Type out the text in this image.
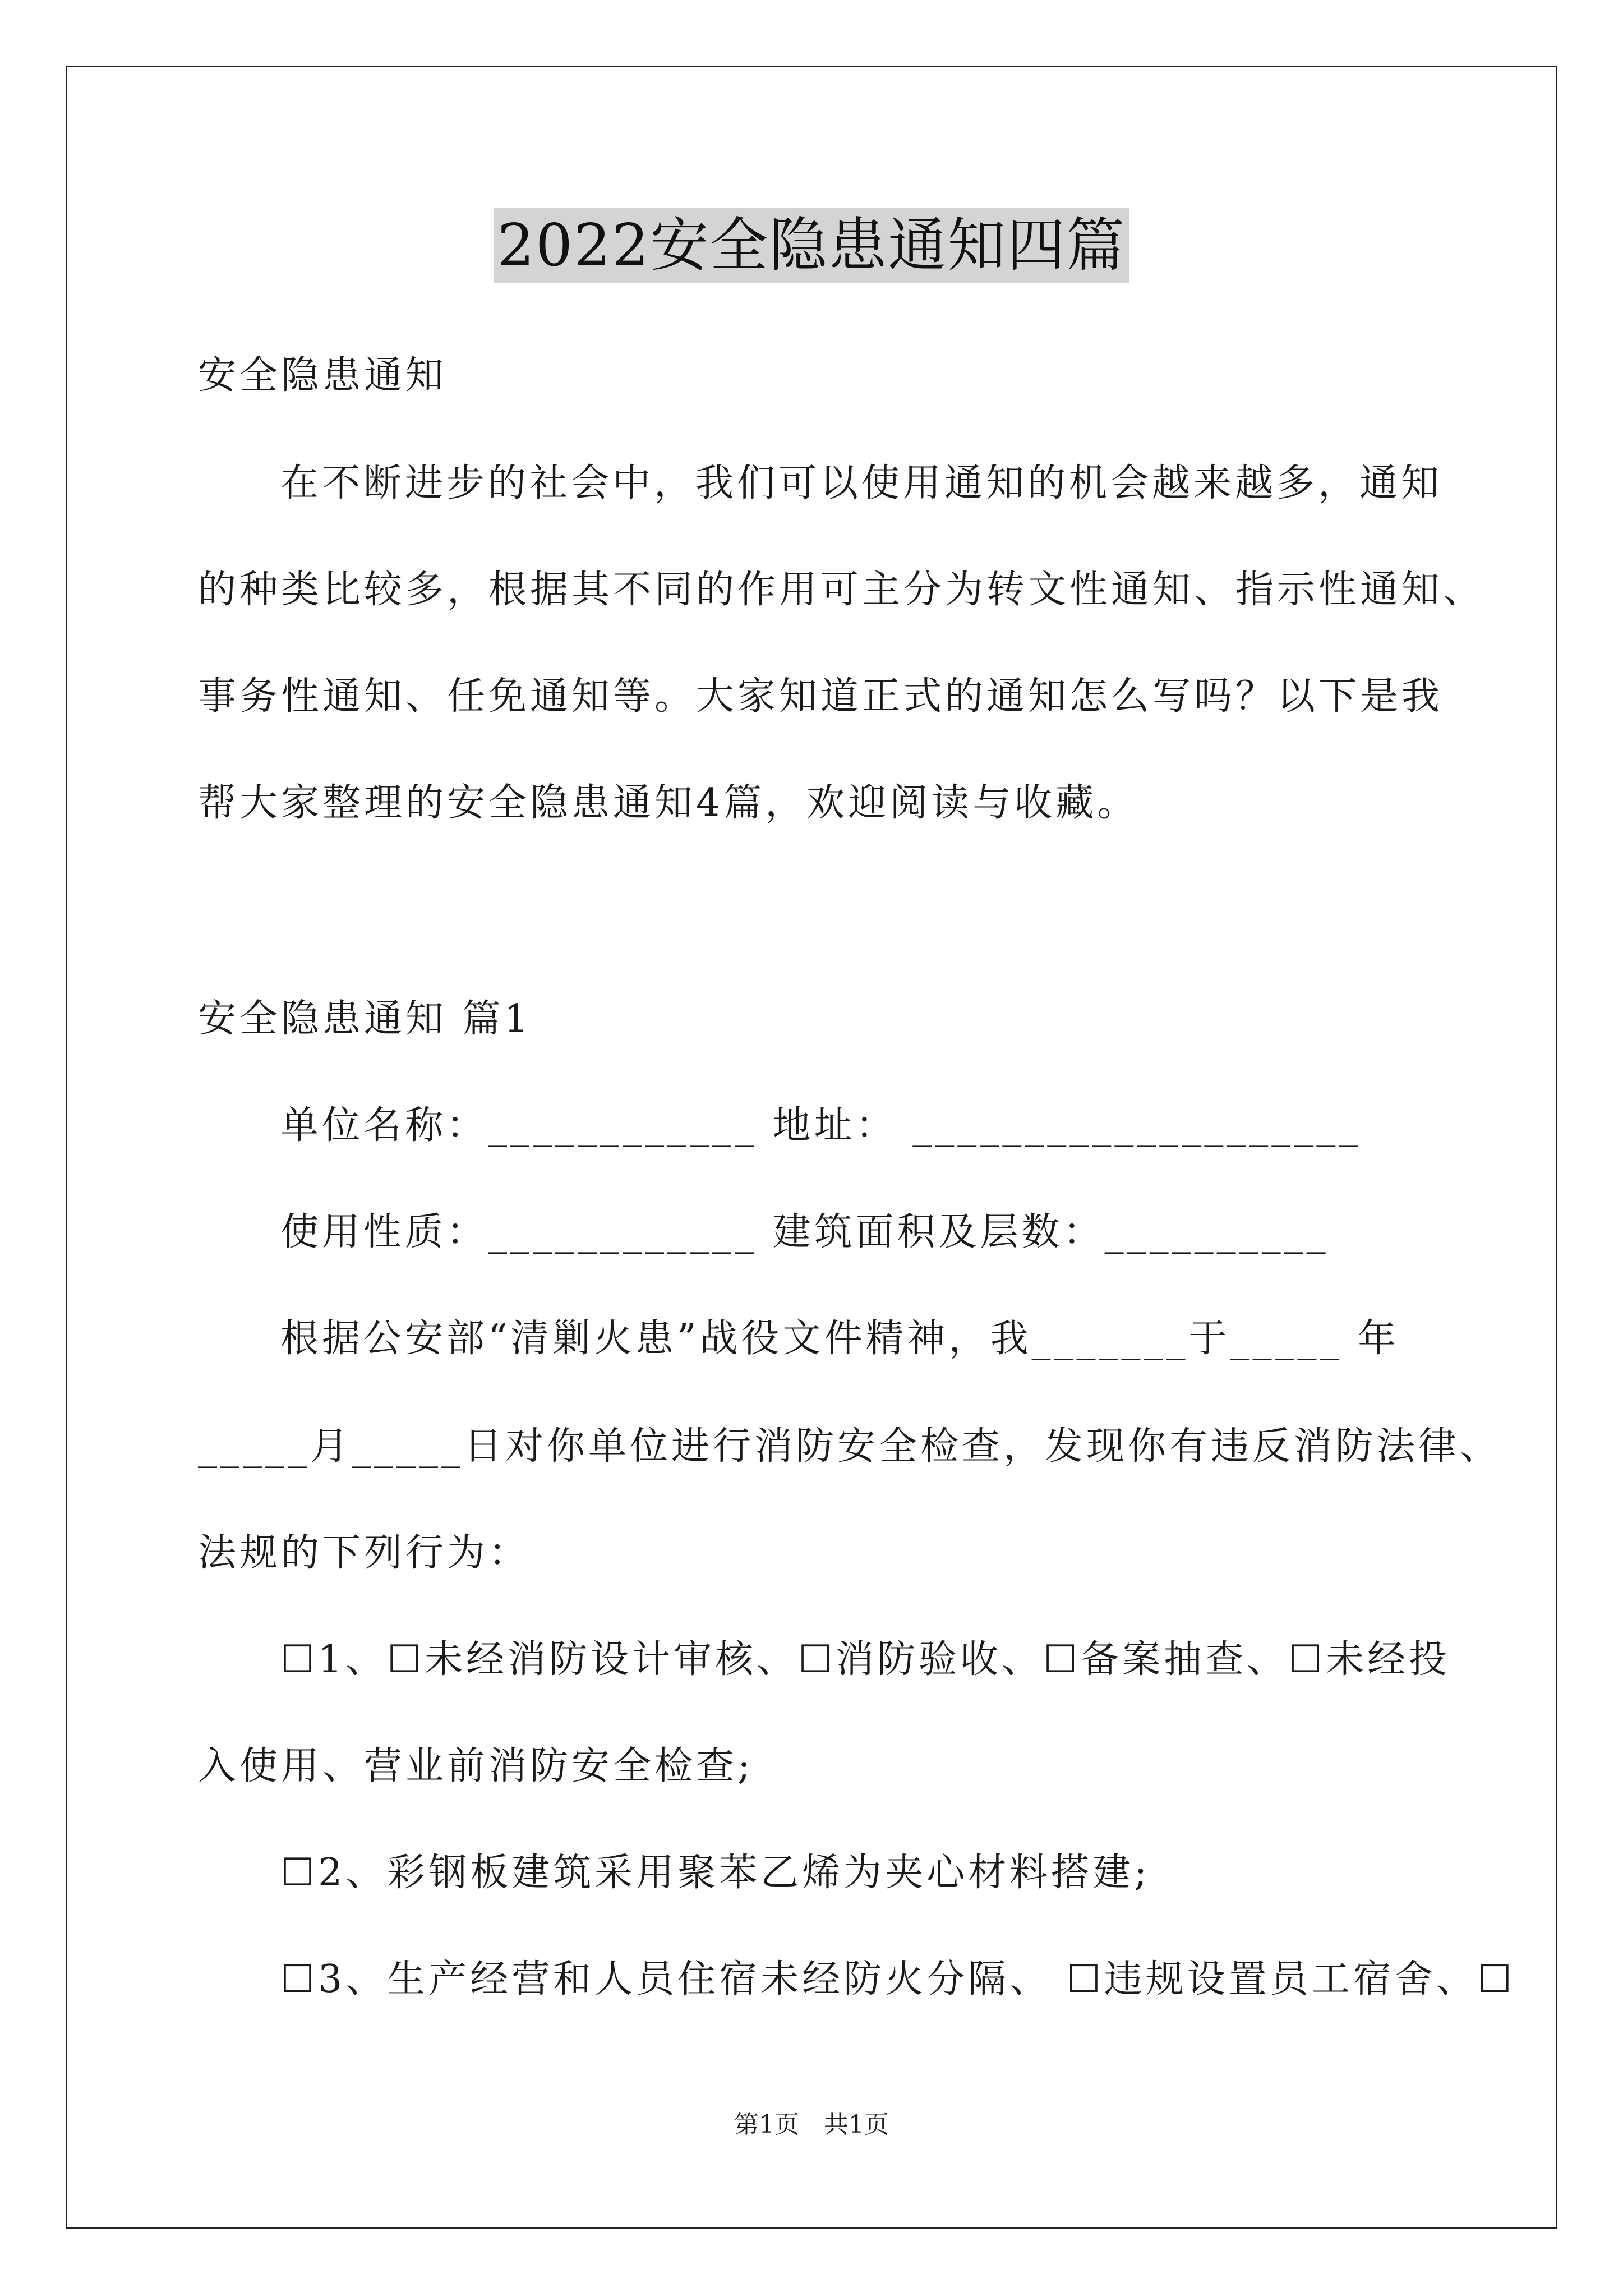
2022安全隐患通知四篇
安全隐患通知
在不断进步的社会中，我们可以使用通知的机会越来越多，通知
的种类比较多，根据其不同的作用可主分为转文性通知、指示性通知、
事务性通知、任免通知等。大家知道正式的通知怎么写吗？以下是我
帮大家整理的安全隐患通知4篇，欢迎阅读与收藏。
安全隐患通知 篇1
单位名称：____________ 地址： ____________________
使用性质：____________ 建筑面积及层数：__________
根据公安部“清剿火患”战役文件精神，我_______于_____ 年
_____月_____日对你单位进行消防安全检查，发现你有违反消防法律、
法规的下列行为：
☐1、☐未经消防设计审核、☐消防验收、☐备案抽查、☐未经投
入使用、营业前消防安全检查;
☐2、彩钢板建筑采用聚苯乙烯为夹心材料搭建;
☐3、生产经营和人员住宿未经防火分隔、 ☐违规设置员工宿舍、☐
第1页　共1页
